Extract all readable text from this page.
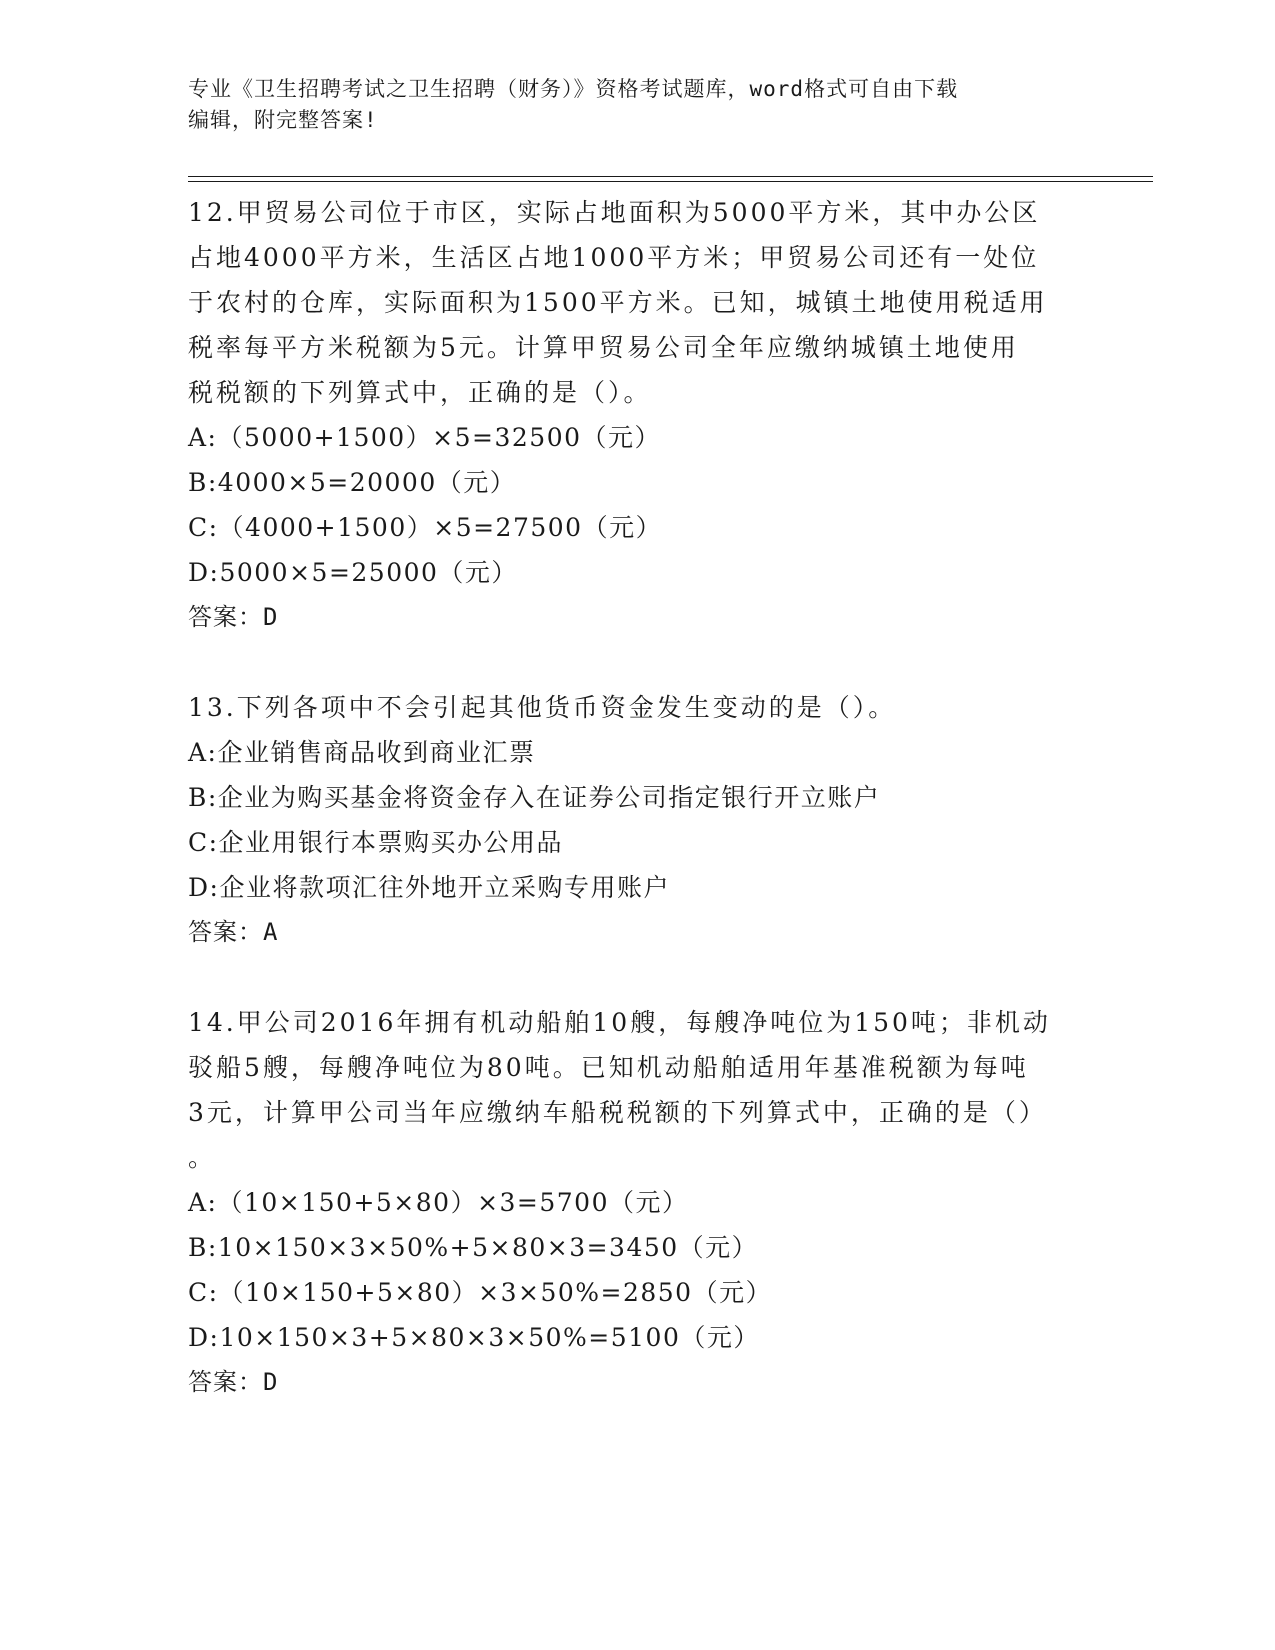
专业《卫生招聘考试之卫生招聘（财务）》资格考试题库，word格式可自由下载
编辑，附完整答案!

12.甲贸易公司位于市区，实际占地面积为5000平方米，其中办公区

占地4000平方米，生活区占地1000平方米；甲贸易公司还有一处位

于农村的仓库，实际面积为1500平方米。已知，城镇土地使用税适用

税率每平方米税额为5元。计算甲贸易公司全年应缴纳城镇土地使用

税税额的下列算式中，正确的是（）。

A:（5000+1500）×5=32500（元）

B:4000×5=20000（元）

C:（4000+1500）×5=27500（元）

D:5000×5=25000（元）

答案：D

13.下列各项中不会引起其他货币资金发生变动的是（）。

A:企业销售商品收到商业汇票

B:企业为购买基金将资金存入在证券公司指定银行开立账户

C:企业用银行本票购买办公用品

D:企业将款项汇往外地开立采购专用账户

答案：A

14.甲公司2016年拥有机动船舶10艘，每艘净吨位为150吨；非机动

驳船5艘，每艘净吨位为80吨。已知机动船舶适用年基准税额为每吨

3元，计算甲公司当年应缴纳车船税税额的下列算式中，正确的是（）

。

A:（10×150+5×80）×3=5700（元）

B:10×150×3×50%+5×80×3=3450（元）

C:（10×150+5×80）×3×50%=2850（元）

D:10×150×3+5×80×3×50%=5100（元）

答案：D
